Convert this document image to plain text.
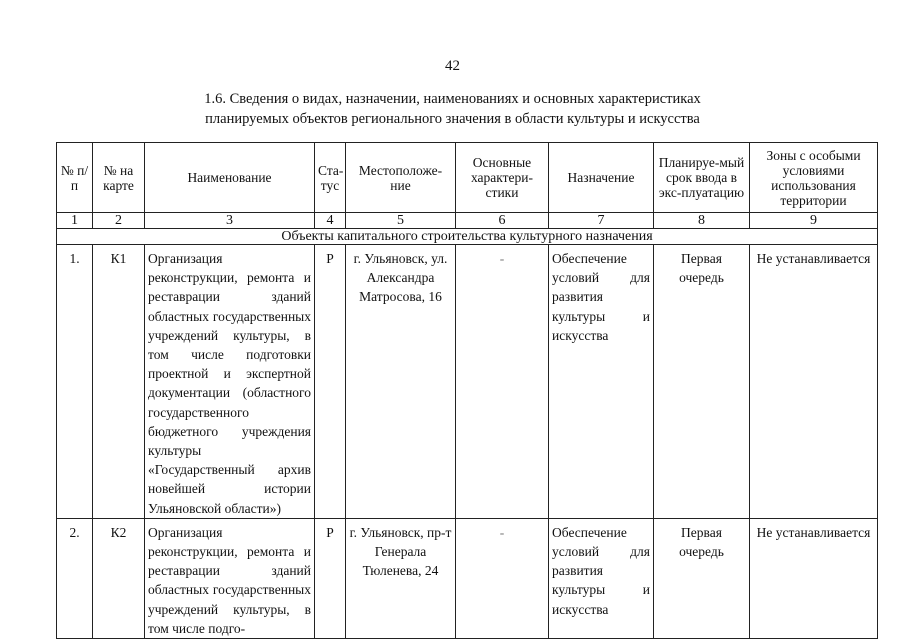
42
1.6. Сведения о видах, назначении, наименованиях и основных характеристиках
планируемых объектов регионального значения в области культуры и искусства
№ п/п	№ на карте	Наименование	Ста-тус	Местоположе-ние	Основные характери-стики	Назначение	Планируе-мый срок ввода в экс-плуатацию	Зоны с особыми условиями использования территории
1	2	3	4	5	6	7	8	9
Объекты капитального строительства культурного назначения								
1.	К1	Организация реконструкции, ремонта и реставрации зданий областных государственных учреждений культуры, в том числе подготовки проектной и экспертной документации (областного государственного бюджетного учреждения культуры «Государственный архив новейшей истории Ульяновской области»)	Р	г. Ульяновск, ул. Александра Матросова, 16	-	Обеспечение условий для развития культуры и искусства	Первая очередь	Не устанавливается
2.	К2	Организация реконструкции, ремонта и реставрации зданий областных государственных учреждений культуры, в том числе подго-	Р	г. Ульяновск, пр-т Генерала Тюленева, 24	-	Обеспечение условий для развития культуры и искусства	Первая очередь	Не устанавливается
